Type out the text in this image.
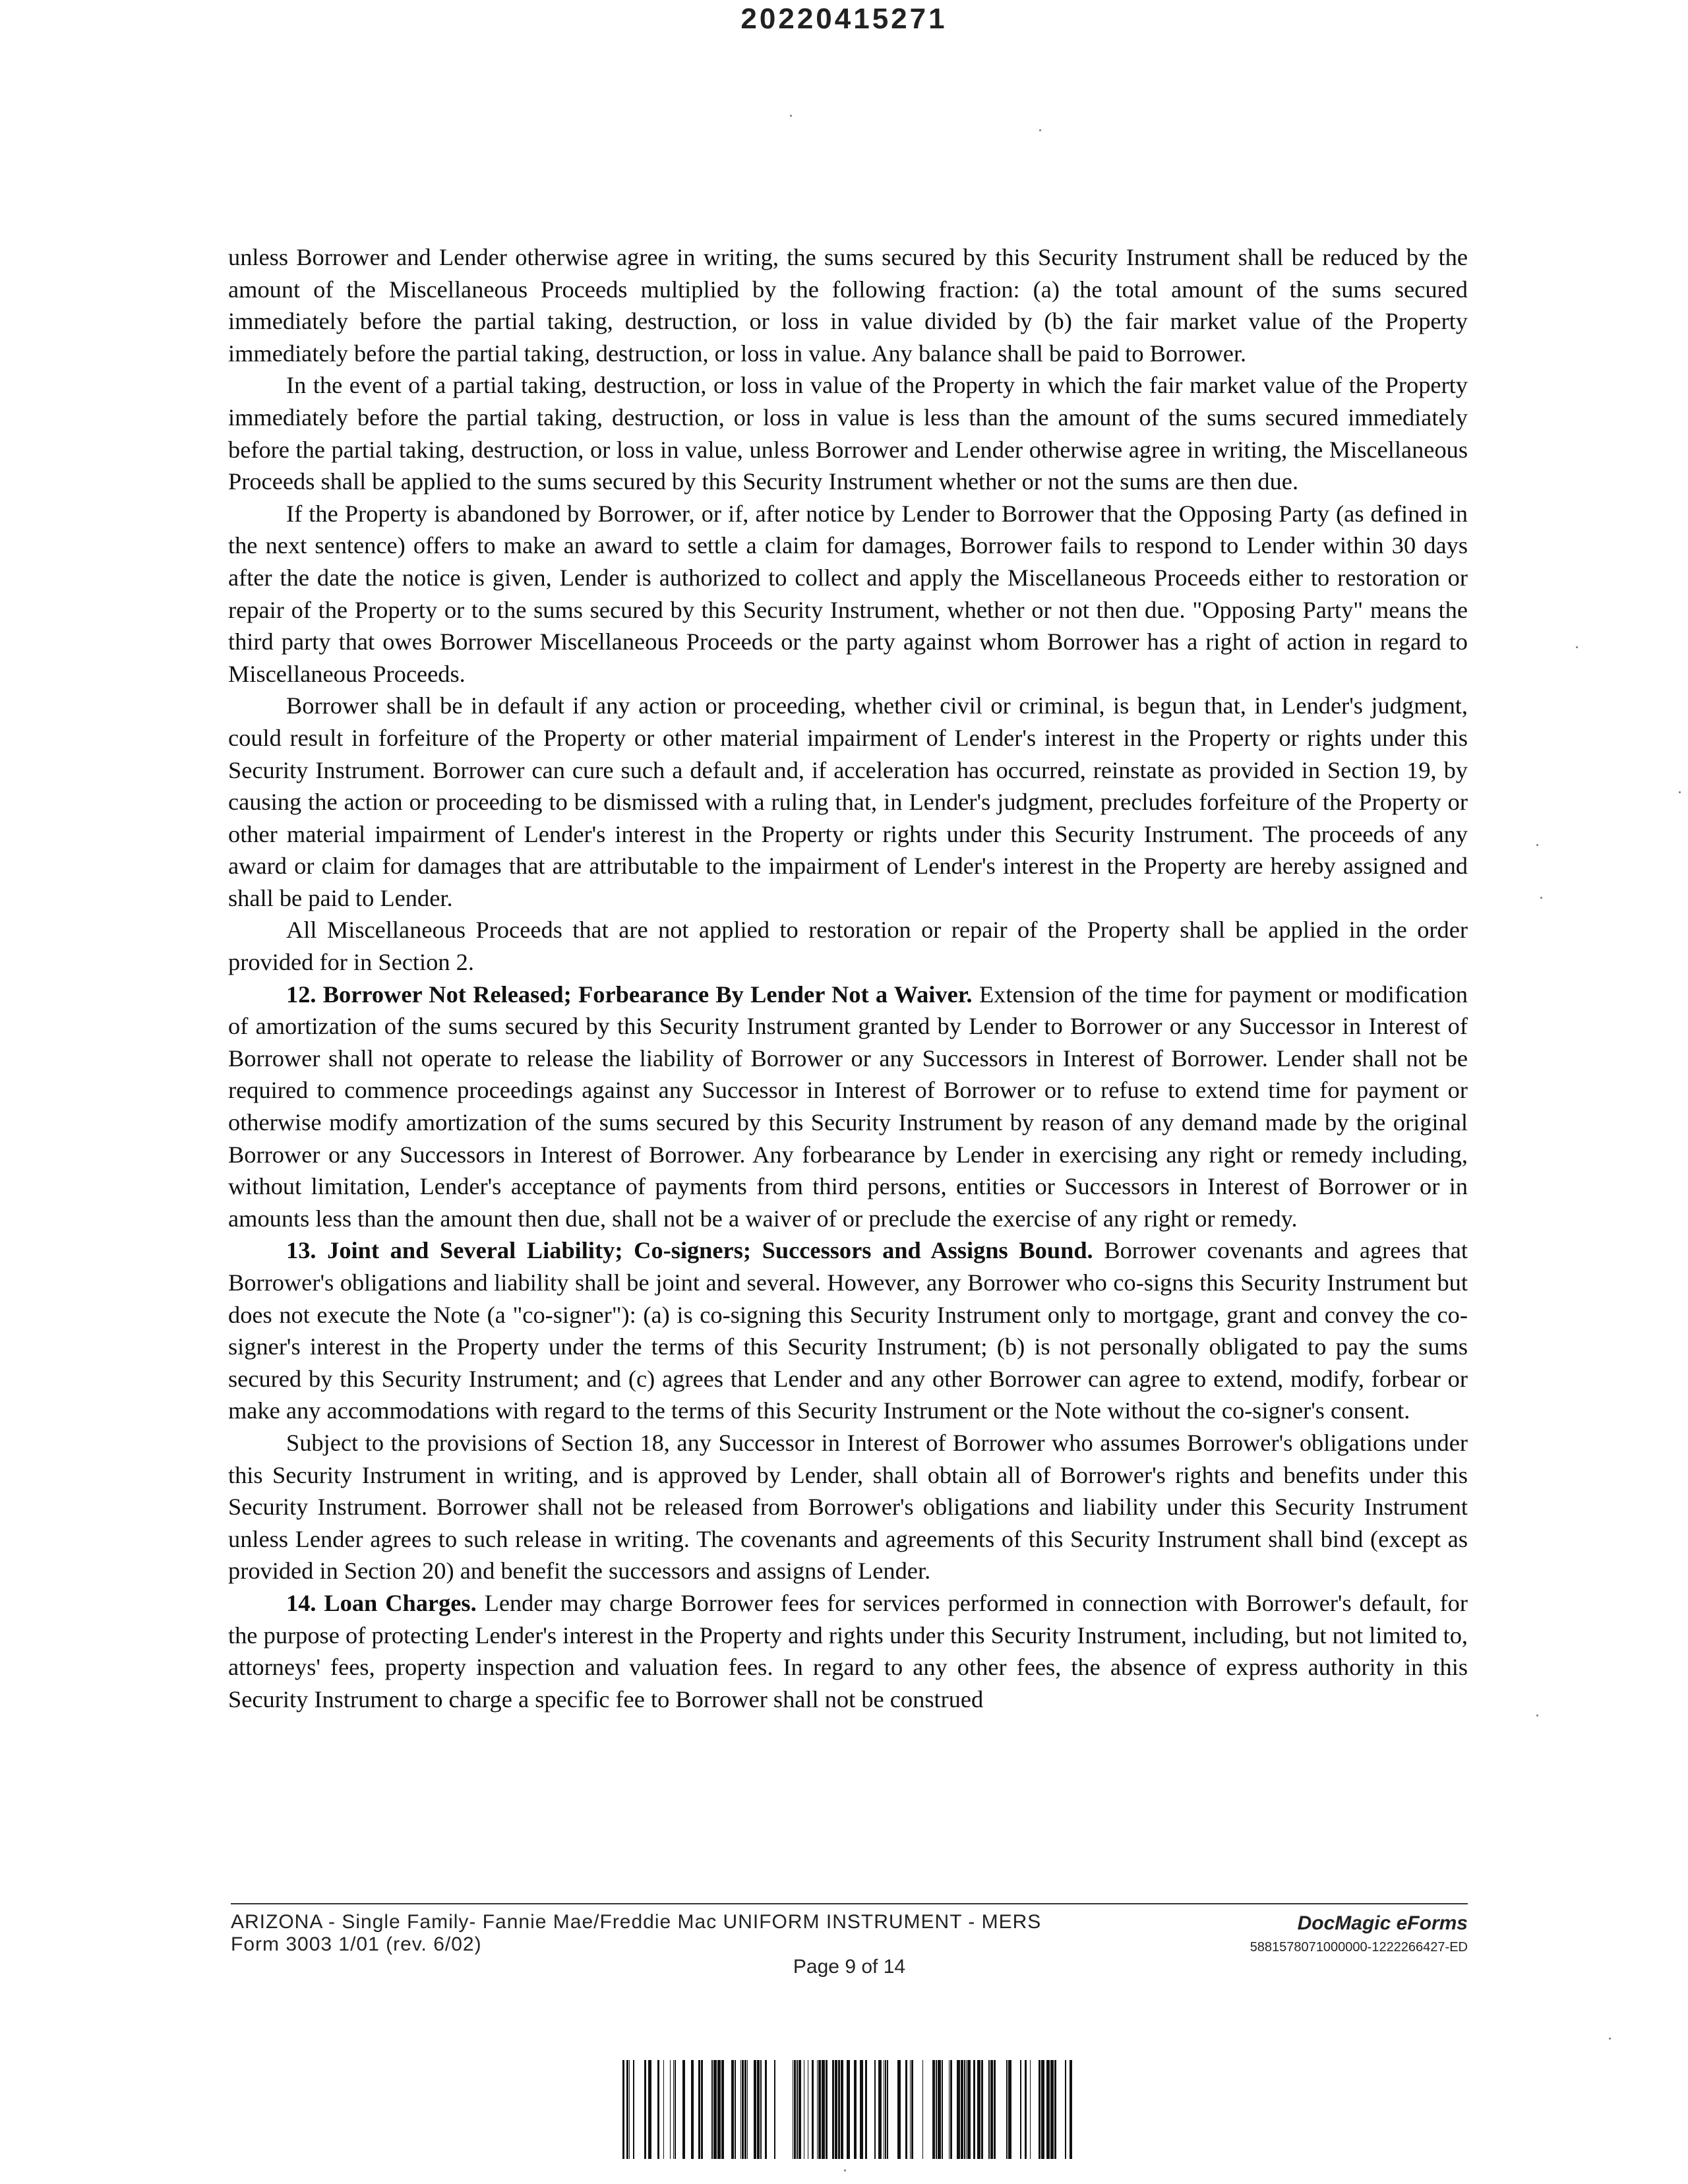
20220415271

unless Borrower and Lender otherwise agree in writing, the sums secured by this Security Instrument shall be reduced by the amount of the Miscellaneous Proceeds multiplied by the following fraction: (a) the total amount of the sums secured immediately before the partial taking, destruction, or loss in value divided by (b) the fair market value of the Property immediately before the partial taking, destruction, or loss in value. Any balance shall be paid to Borrower.

In the event of a partial taking, destruction, or loss in value of the Property in which the fair market value of the Property immediately before the partial taking, destruction, or loss in value is less than the amount of the sums secured immediately before the partial taking, destruction, or loss in value, unless Borrower and Lender otherwise agree in writing, the Miscellaneous Proceeds shall be applied to the sums secured by this Security Instrument whether or not the sums are then due.

If the Property is abandoned by Borrower, or if, after notice by Lender to Borrower that the Opposing Party (as defined in the next sentence) offers to make an award to settle a claim for damages, Borrower fails to respond to Lender within 30 days after the date the notice is given, Lender is authorized to collect and apply the Miscellaneous Proceeds either to restoration or repair of the Property or to the sums secured by this Security Instrument, whether or not then due. "Opposing Party" means the third party that owes Borrower Miscellaneous Proceeds or the party against whom Borrower has a right of action in regard to Miscellaneous Proceeds.

Borrower shall be in default if any action or proceeding, whether civil or criminal, is begun that, in Lender's judgment, could result in forfeiture of the Property or other material impairment of Lender's interest in the Property or rights under this Security Instrument. Borrower can cure such a default and, if acceleration has occurred, reinstate as provided in Section 19, by causing the action or proceeding to be dismissed with a ruling that, in Lender's judgment, precludes forfeiture of the Property or other material impairment of Lender's interest in the Property or rights under this Security Instrument. The proceeds of any award or claim for damages that are attributable to the impairment of Lender's interest in the Property are hereby assigned and shall be paid to Lender.

All Miscellaneous Proceeds that are not applied to restoration or repair of the Property shall be applied in the order provided for in Section 2.

12. Borrower Not Released; Forbearance By Lender Not a Waiver. Extension of the time for payment or modification of amortization of the sums secured by this Security Instrument granted by Lender to Borrower or any Successor in Interest of Borrower shall not operate to release the liability of Borrower or any Successors in Interest of Borrower. Lender shall not be required to commence proceedings against any Successor in Interest of Borrower or to refuse to extend time for payment or otherwise modify amortization of the sums secured by this Security Instrument by reason of any demand made by the original Borrower or any Successors in Interest of Borrower. Any forbearance by Lender in exercising any right or remedy including, without limitation, Lender's acceptance of payments from third persons, entities or Successors in Interest of Borrower or in amounts less than the amount then due, shall not be a waiver of or preclude the exercise of any right or remedy.

13. Joint and Several Liability; Co-signers; Successors and Assigns Bound. Borrower covenants and agrees that Borrower's obligations and liability shall be joint and several. However, any Borrower who co-signs this Security Instrument but does not execute the Note (a "co-signer"): (a) is co-signing this Security Instrument only to mortgage, grant and convey the co-signer's interest in the Property under the terms of this Security Instrument; (b) is not personally obligated to pay the sums secured by this Security Instrument; and (c) agrees that Lender and any other Borrower can agree to extend, modify, forbear or make any accommodations with regard to the terms of this Security Instrument or the Note without the co-signer's consent.

Subject to the provisions of Section 18, any Successor in Interest of Borrower who assumes Borrower's obligations under this Security Instrument in writing, and is approved by Lender, shall obtain all of Borrower's rights and benefits under this Security Instrument. Borrower shall not be released from Borrower's obligations and liability under this Security Instrument unless Lender agrees to such release in writing. The covenants and agreements of this Security Instrument shall bind (except as provided in Section 20) and benefit the successors and assigns of Lender.

14. Loan Charges. Lender may charge Borrower fees for services performed in connection with Borrower's default, for the purpose of protecting Lender's interest in the Property and rights under this Security Instrument, including, but not limited to, attorneys' fees, property inspection and valuation fees. In regard to any other fees, the absence of express authority in this Security Instrument to charge a specific fee to Borrower shall not be construed

ARIZONA - Single Family- Fannie Mae/Freddie Mac UNIFORM INSTRUMENT - MERS
Form 3003 1/01 (rev. 6/02)
DocMagic eForms
5881578071000000-1222266427-ED
Page 9 of 14
